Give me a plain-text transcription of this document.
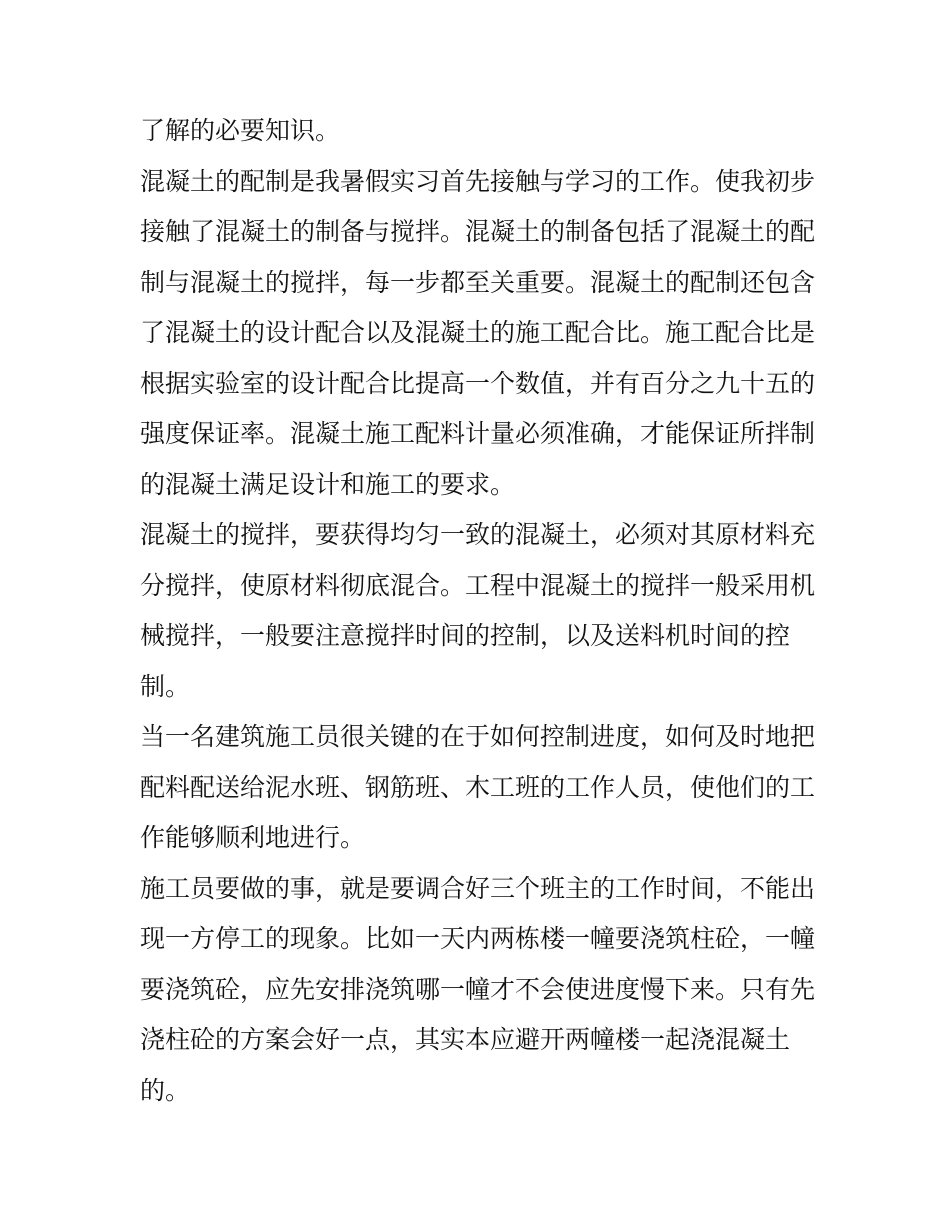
了解的必要知识。
混凝土的配制是我暑假实习首先接触与学习的工作。使我初步
接触了混凝土的制备与搅拌。混凝土的制备包括了混凝土的配
制与混凝土的搅拌，每一步都至关重要。混凝土的配制还包含
了混凝土的设计配合以及混凝土的施工配合比。施工配合比是
根据实验室的设计配合比提高一个数值，并有百分之九十五的
强度保证率。混凝土施工配料计量必须准确，才能保证所拌制
的混凝土满足设计和施工的要求。
混凝土的搅拌，要获得均匀一致的混凝土，必须对其原材料充
分搅拌，使原材料彻底混合。工程中混凝土的搅拌一般采用机
械搅拌，一般要注意搅拌时间的控制，以及送料机时间的控
制。
当一名建筑施工员很关键的在于如何控制进度，如何及时地把
配料配送给泥水班、钢筋班、木工班的工作人员，使他们的工
作能够顺利地进行。
施工员要做的事，就是要调合好三个班主的工作时间，不能出
现一方停工的现象。比如一天内两栋楼一幢要浇筑柱砼，一幢
要浇筑砼，应先安排浇筑哪一幢才不会使进度慢下来。只有先
浇柱砼的方案会好一点，其实本应避开两幢楼一起浇混凝土
的。
